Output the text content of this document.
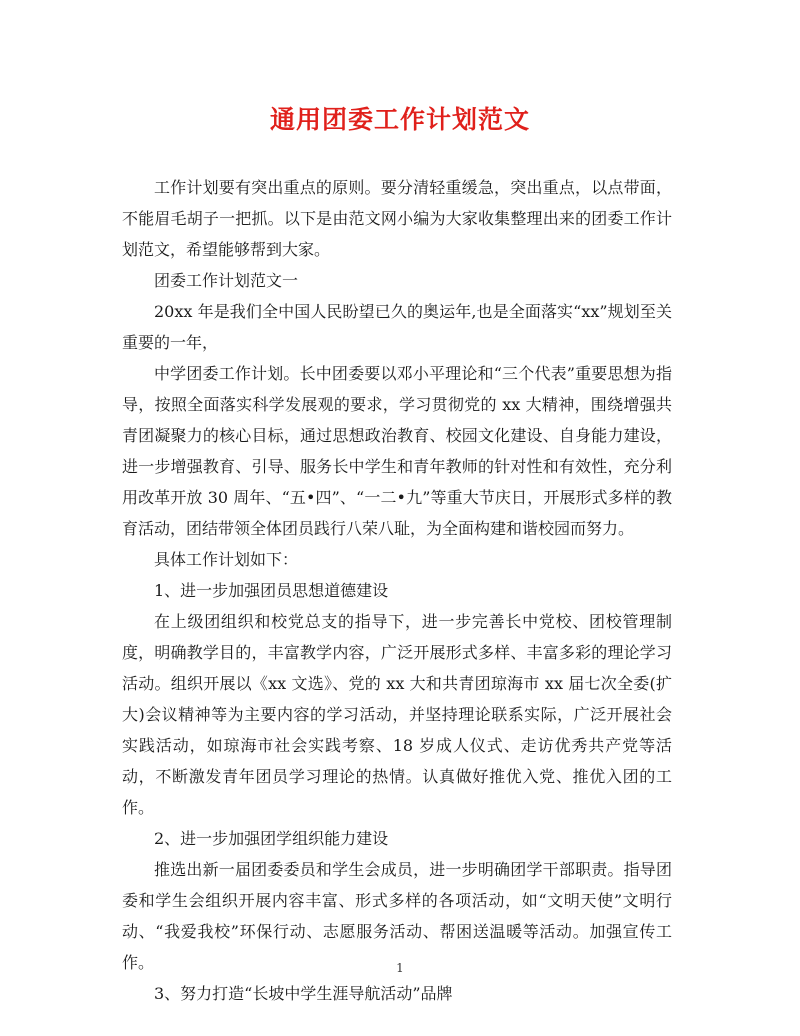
通用团委工作计划范文

工作计划要有突出重点的原则。要分清轻重缓急，突出重点，以点带面，不能眉毛胡子一把抓。以下是由范文网小编为大家收集整理出来的团委工作计划范文，希望能够帮到大家。

团委工作计划范文一

20xx 年是我们全中国人民盼望已久的奥运年,也是全面落实“xx”规划至关重要的一年，

中学团委工作计划。长中团委要以邓小平理论和“三个代表”重要思想为指导，按照全面落实科学发展观的要求，学习贯彻党的 xx 大精神，围绕增强共青团凝聚力的核心目标，通过思想政治教育、校园文化建设、自身能力建设，进一步增强教育、引导、服务长中学生和青年教师的针对性和有效性，充分利用改革开放 30 周年、“五•四”、“一二•九”等重大节庆日，开展形式多样的教育活动，团结带领全体团员践行八荣八耻，为全面构建和谐校园而努力。

具体工作计划如下：

1、进一步加强团员思想道德建设

在上级团组织和校党总支的指导下，进一步完善长中党校、团校管理制度，明确教学目的，丰富教学内容，广泛开展形式多样、丰富多彩的理论学习活动。组织开展以《xx 文选》、党的 xx 大和共青团琼海市 xx 届七次全委(扩大)会议精神等为主要内容的学习活动，并坚持理论联系实际，广泛开展社会实践活动，如琼海市社会实践考察、18 岁成人仪式、走访优秀共产党等活动，不断激发青年团员学习理论的热情。认真做好推优入党、推优入团的工作。

2、进一步加强团学组织能力建设

推选出新一届团委委员和学生会成员，进一步明确团学干部职责。指导团委和学生会组织开展内容丰富、形式多样的各项活动，如“文明天使”文明行动、“我爱我校”环保行动、志愿服务活动、帮困送温暖等活动。加强宣传工作。

3、努力打造“长坡中学生涯导航活动”品牌

1
